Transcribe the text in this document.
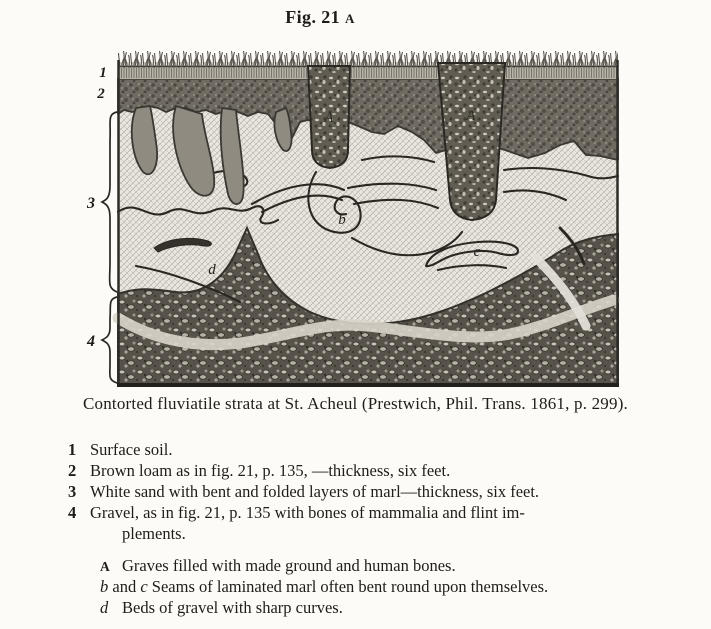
Fig. 21 A
A	A
b
c
d
1
2
3
4
Contorted fluviatile strata at St. Acheul (Prestwich, Phil. Trans. 1861, p. 299).
1 Surface soil.
2 Brown loam as in fig. 21, p. 135, —thickness, six feet.
3 White sand with bent and folded layers of marl—thickness, six feet.
4 Gravel, as in fig. 21, p. 135 with bones of mammalia and flint im-
plements.
A Graves filled with made ground and human bones.
b and c Seams of laminated marl often bent round upon themselves.
d Beds of gravel with sharp curves.
